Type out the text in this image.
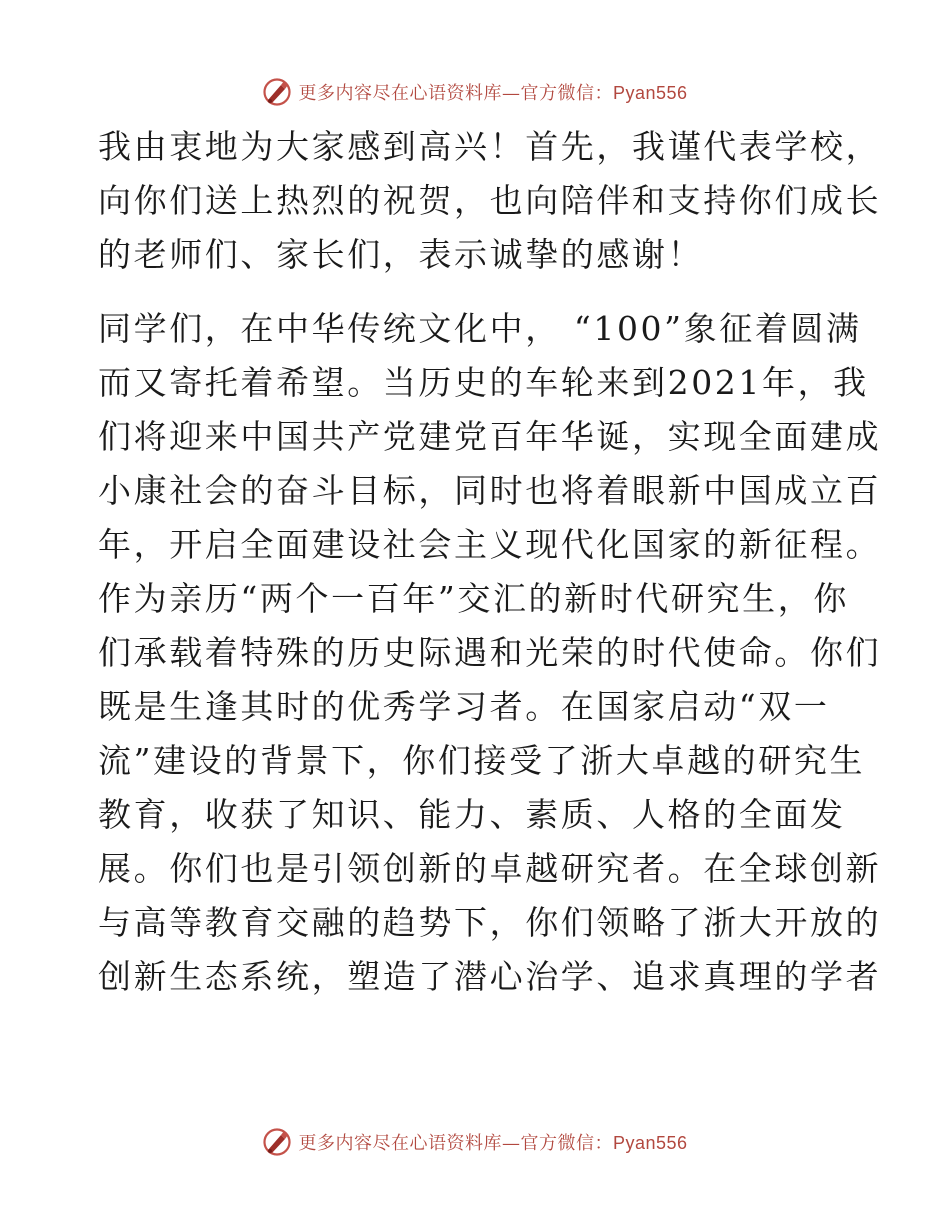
更多内容尽在心语资料库—官方微信：Pyan556
我由衷地为大家感到高兴！首先，我谨代表学校，
向你们送上热烈的祝贺，也向陪伴和支持你们成长
的老师们、家长们，表示诚挚的感谢！
同学们，在中华传统文化中， “100”象征着圆满
而又寄托着希望。当历史的车轮来到2021年，我
们将迎来中国共产党建党百年华诞，实现全面建成
小康社会的奋斗目标，同时也将着眼新中国成立百
年，开启全面建设社会主义现代化国家的新征程。
作为亲历“两个一百年”交汇的新时代研究生，你
们承载着特殊的历史际遇和光荣的时代使命。你们
既是生逢其时的优秀学习者。在国家启动“双一
流”建设的背景下，你们接受了浙大卓越的研究生
教育，收获了知识、能力、素质、人格的全面发
展。你们也是引领创新的卓越研究者。在全球创新
与高等教育交融的趋势下，你们领略了浙大开放的
创新生态系统，塑造了潜心治学、追求真理的学者
更多内容尽在心语资料库—官方微信：Pyan556
